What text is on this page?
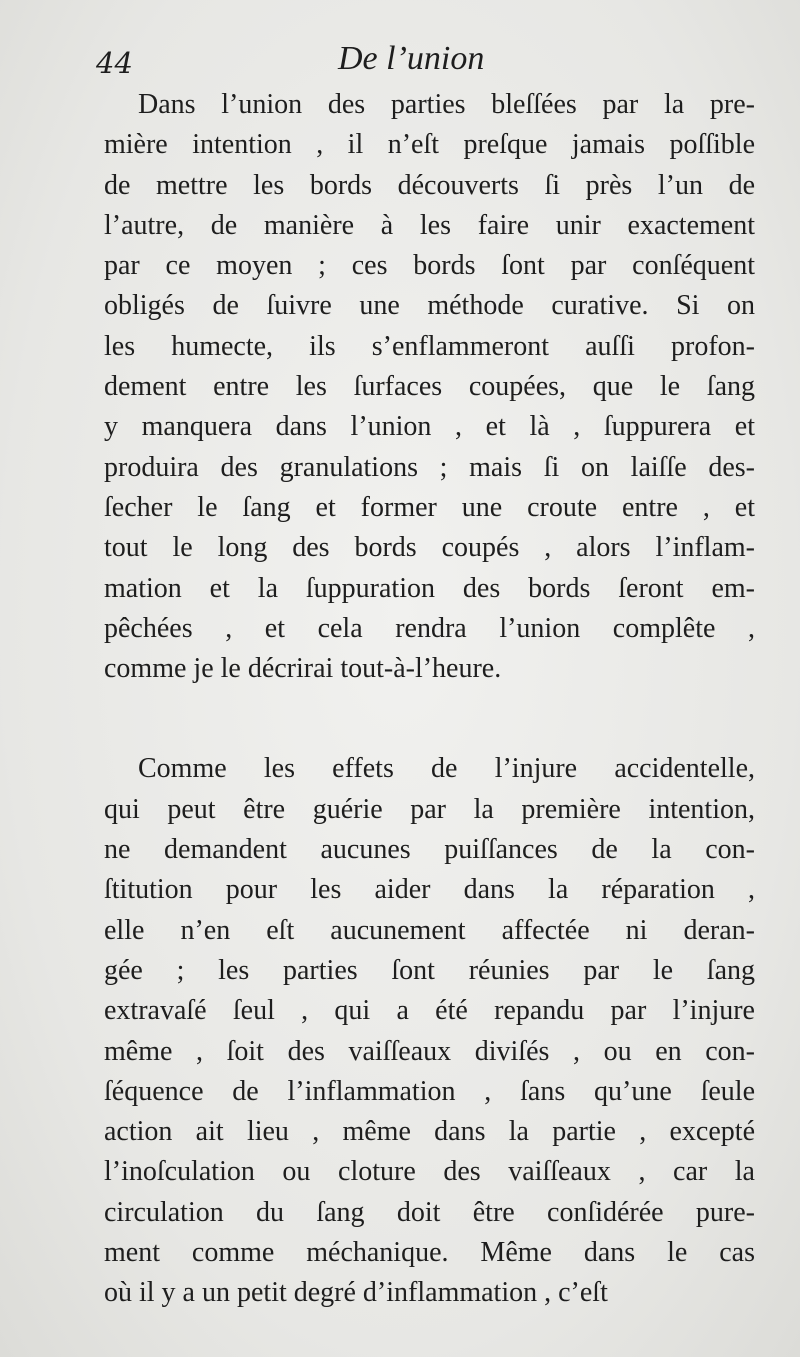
44	De l’union

Dans l’union des parties bleſſées par la pre-
mière intention , il n’eſt preſque jamais poſſible
de mettre les bords découverts ſi près l’un de
l’autre, de manière à les faire unir exactement
par ce moyen ; ces bords ſont par conſéquent
obligés de ſuivre une méthode curative. Si on
les humecte, ils s’enflammeront auſſi profon-
dement entre les ſurfaces coupées, que le ſang
y manquera dans l’union , et là , ſuppurera et
produira des granulations ; mais ſi on laiſſe des-
ſecher le ſang et former une croute entre , et
tout le long des bords coupés , alors l’inflam-
mation et la ſuppuration des bords ſeront em-
pêchées , et cela rendra l’union complête ,
comme je le décrirai tout-à-l’heure.

Comme les effets de l’injure accidentelle,
qui peut être guérie par la première intention,
ne demandent aucunes puiſſances de la con-
ſtitution pour les aider dans la réparation ,
elle n’en eſt aucunement affectée ni deran-
gée ; les parties ſont réunies par le ſang
extravaſé ſeul , qui a été repandu par l’injure
même , ſoit des vaiſſeaux diviſés , ou en con-
ſéquence de l’inflammation , ſans qu’une ſeule
action ait lieu , même dans la partie , excepté
l’inoſculation ou cloture des vaiſſeaux , car la
circulation du ſang doit être conſidérée pure-
ment comme méchanique. Même dans le cas
où il y a un petit degré d’inflammation , c’eſt
